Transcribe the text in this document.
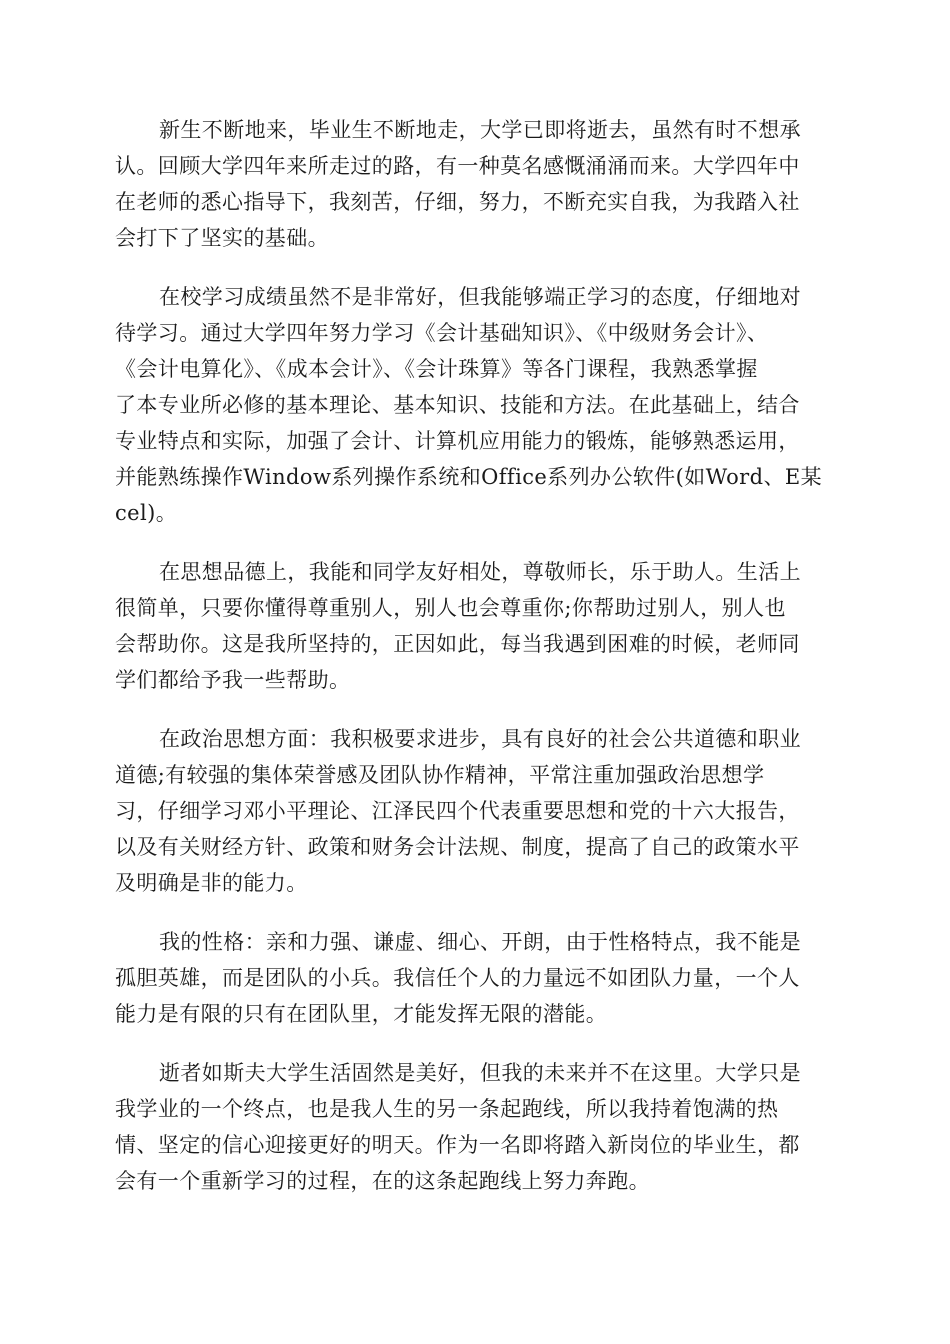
新生不断地来，毕业生不断地走，大学已即将逝去，虽然有时不想承
认。回顾大学四年来所走过的路，有一种莫名感慨涌涌而来。大学四年中
在老师的悉心指导下，我刻苦，仔细，努力，不断充实自我，为我踏入社
会打下了坚实的基础。
在校学习成绩虽然不是非常好，但我能够端正学习的态度，仔细地对
待学习。通过大学四年努力学习《会计基础知识》、《中级财务会计》、
《会计电算化》、《成本会计》、《会计珠算》等各门课程，我熟悉掌握
了本专业所必修的基本理论、基本知识、技能和方法。在此基础上，结合
专业特点和实际，加强了会计、计算机应用能力的锻炼，能够熟悉运用，
并能熟练操作Window系列操作系统和Office系列办公软件(如Word、E某
cel)。
在思想品德上，我能和同学友好相处，尊敬师长，乐于助人。生活上
很简单，只要你懂得尊重别人，别人也会尊重你;你帮助过别人，别人也
会帮助你。这是我所坚持的，正因如此，每当我遇到困难的时候，老师同
学们都给予我一些帮助。
在政治思想方面：我积极要求进步，具有良好的社会公共道德和职业
道德;有较强的集体荣誉感及团队协作精神，平常注重加强政治思想学
习，仔细学习邓小平理论、江泽民四个代表重要思想和党的十六大报告，
以及有关财经方针、政策和财务会计法规、制度，提高了自己的政策水平
及明确是非的能力。
我的性格：亲和力强、谦虚、细心、开朗，由于性格特点，我不能是
孤胆英雄，而是团队的小兵。我信任个人的力量远不如团队力量，一个人
能力是有限的只有在团队里，才能发挥无限的潜能。
逝者如斯夫大学生活固然是美好，但我的未来并不在这里。大学只是
我学业的一个终点，也是我人生的另一条起跑线，所以我持着饱满的热
情、坚定的信心迎接更好的明天。作为一名即将踏入新岗位的毕业生，都
会有一个重新学习的过程，在的这条起跑线上努力奔跑。
